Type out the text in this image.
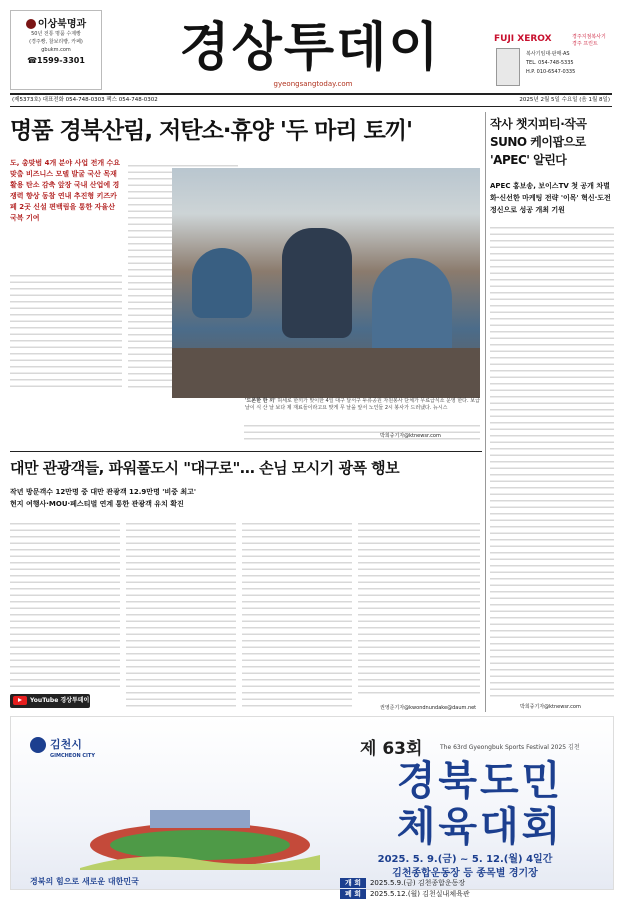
이상북명과
50년 전통 명품 수제빵
(경주빵, 찰보리빵, 카페)
gbukm.com
☎1599-3301	경상투데이
gyeongsangtoday.com
FUJI XEROX	경주지점복사기
경주 프린트
복사기임대·판매·AS
TEL. 054-748-5335
H.P. 010-6547-0335
(제5373호) 대표전화 054-748-0303 팩스 054-748-0302	2025년 2월 5일 수요일 (음 1월 8일)
명품 경북산림, 저탄소·휴양 '두 마리 토끼'
도, 총맞범 4개 분야 사업 전개 수요 맞춤 비즈니스 모델 발굴 국산 목재 활용 탄소 감축 앞장 국내 산업에 경쟁력 향상 동참 연내 추진형 키즈카페 2곳 신설 편백림을 통한 자율산 국복 기여
'드론한 한 끼' 허세로 한끼가 맞이한 4일 대구 달서구 두류공원 자원봉사 단체가 무료급식소 운영 한다. 보급 날이 식 산 날 보다 제 재료들이라고요 맞게 무 날을 앞서 노인들 2시 봉사가 드러냈다. 뉴시스
박희중기자@ktnewsr.com
작사 챗지피티·작곡 SUNO 케이팝으로 'APEC' 알린다
APEC 홍보송, 보이스TV 첫 공개 차별화·신선한 마케팅 전략 '이목' 혁신·도전 정신으로 성공 개최 기원
박희중기자@ktnewsr.com
대만 관광객들, 파워풀도시 "대구로"… 손님 모시기 광폭 행보
작년 방문객수 12만명 중 대만 관광객 12.9만명 '비중 최고'
현지 여행사·MOU·페스티벌 연계 통한 관광객 유치 확진
권영준기자@kwondnundake@daum.net
YouTube 경상투데이
김천시
GIMCHEON CITY	제 63회	The 63rd Gyeongbuk Sports Festival 2025 김천
경북도민
체육대회
2025. 5. 9.(금) ~ 5. 12.(월) 4일간
김천종합운동장 등 종목별 경기장
개 회 2025.5.9.(금) 김천종합운동장
폐 회 2025.5.12.(월) 김천실내체육관
경북의 힘으로 새로운 대한민국
